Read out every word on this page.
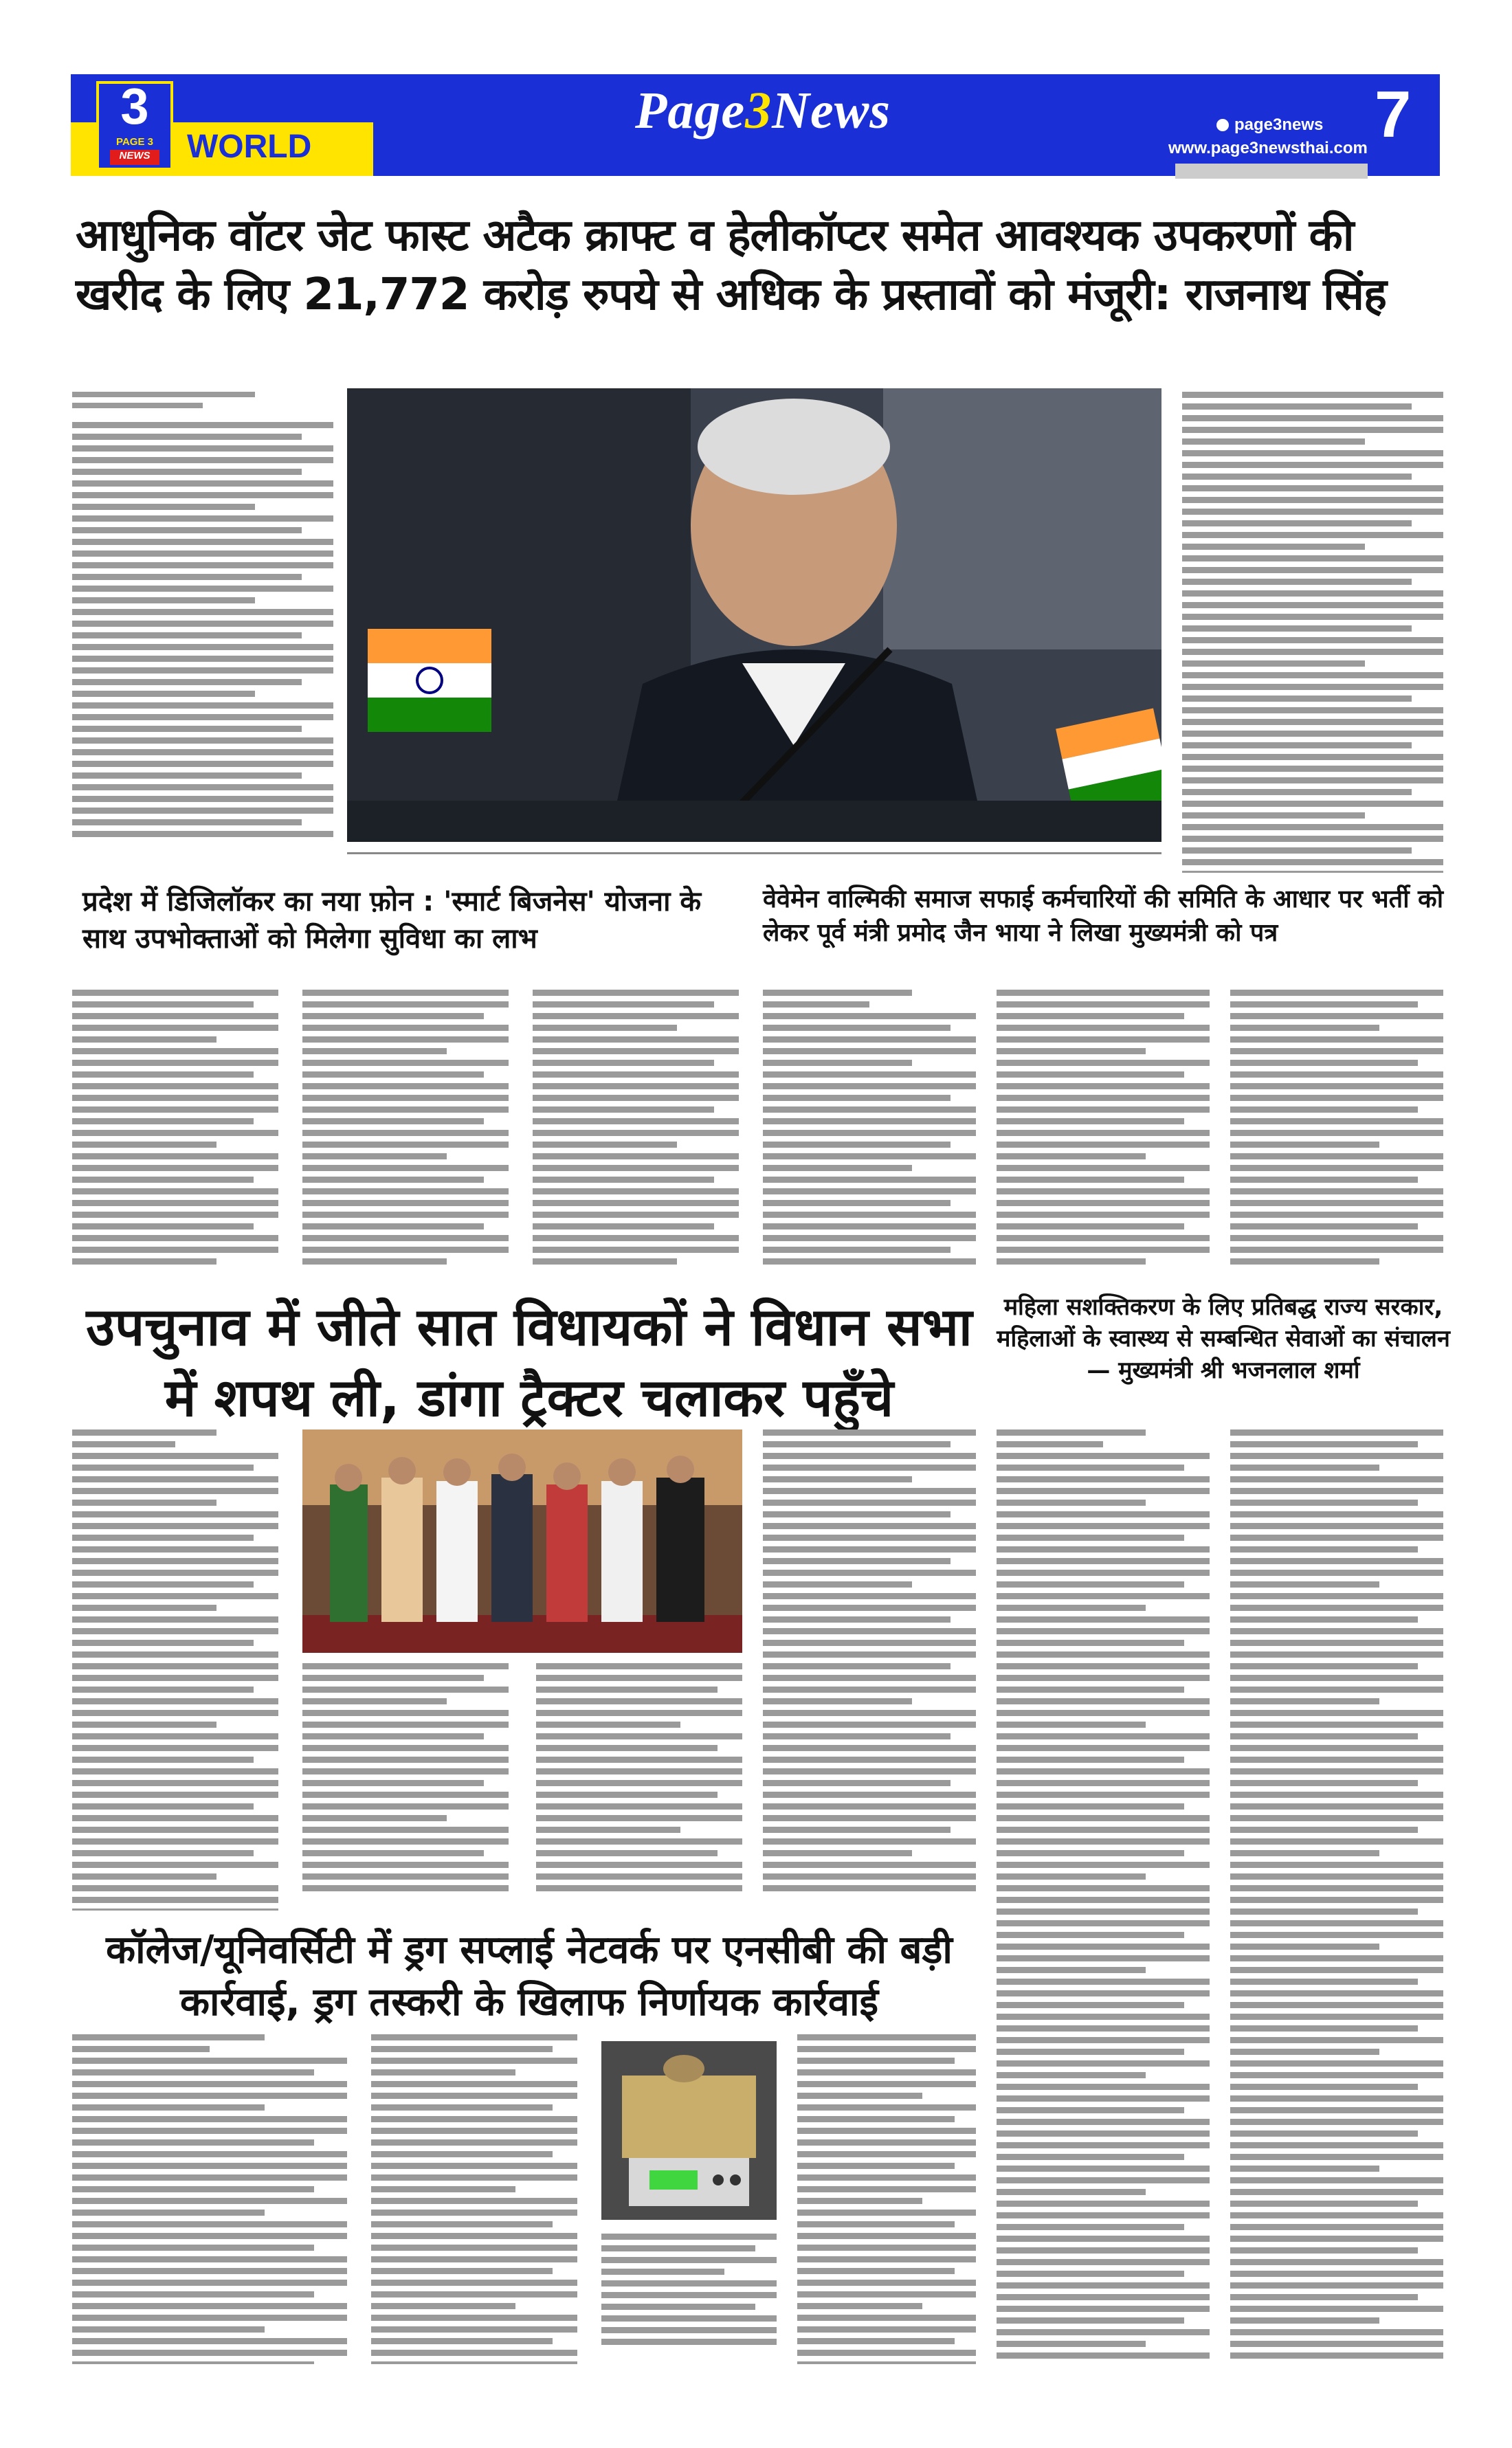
3
PAGE 3
NEWS WORLD
Page3News	page3news
www.page3newsthai.com 7
आधुनिक वॉटर जेट फास्ट अटैक क्राफ्ट व हेलीकॉप्टर समेत आवश्यक उपकरणों की खरीद के लिए 21,772 करोड़ रुपये से अधिक के प्रस्तावों को मंजूरी: राजनाथ सिंह
प्रदेश में डिजिलॉकर का नया फ़ोन : 'स्मार्ट बिजनेस' योजना के साथ उपभोक्ताओं को मिलेगा सुविधा का लाभ
वेवेमेन वाल्मिकी समाज सफाई कर्मचारियों की समिति के आधार पर भर्ती को लेकर पूर्व मंत्री प्रमोद जैन भाया ने लिखा मुख्यमंत्री को पत्र
उपचुनाव में जीते सात विधायकों ने विधान सभा में शपथ ली, डांगा ट्रैक्टर चलाकर पहुँचे
महिला सशक्तिकरण के लिए प्रतिबद्ध राज्य सरकार, महिलाओं के स्वास्थ्य से सम्बन्धित सेवाओं का संचालन — मुख्यमंत्री श्री भजनलाल शर्मा
कॉलेज/यूनिवर्सिटी में ड्रग सप्लाई नेटवर्क पर एनसीबी की बड़ी कार्रवाई, ड्रग तस्करी के खिलाफ निर्णायक कार्रवाई
